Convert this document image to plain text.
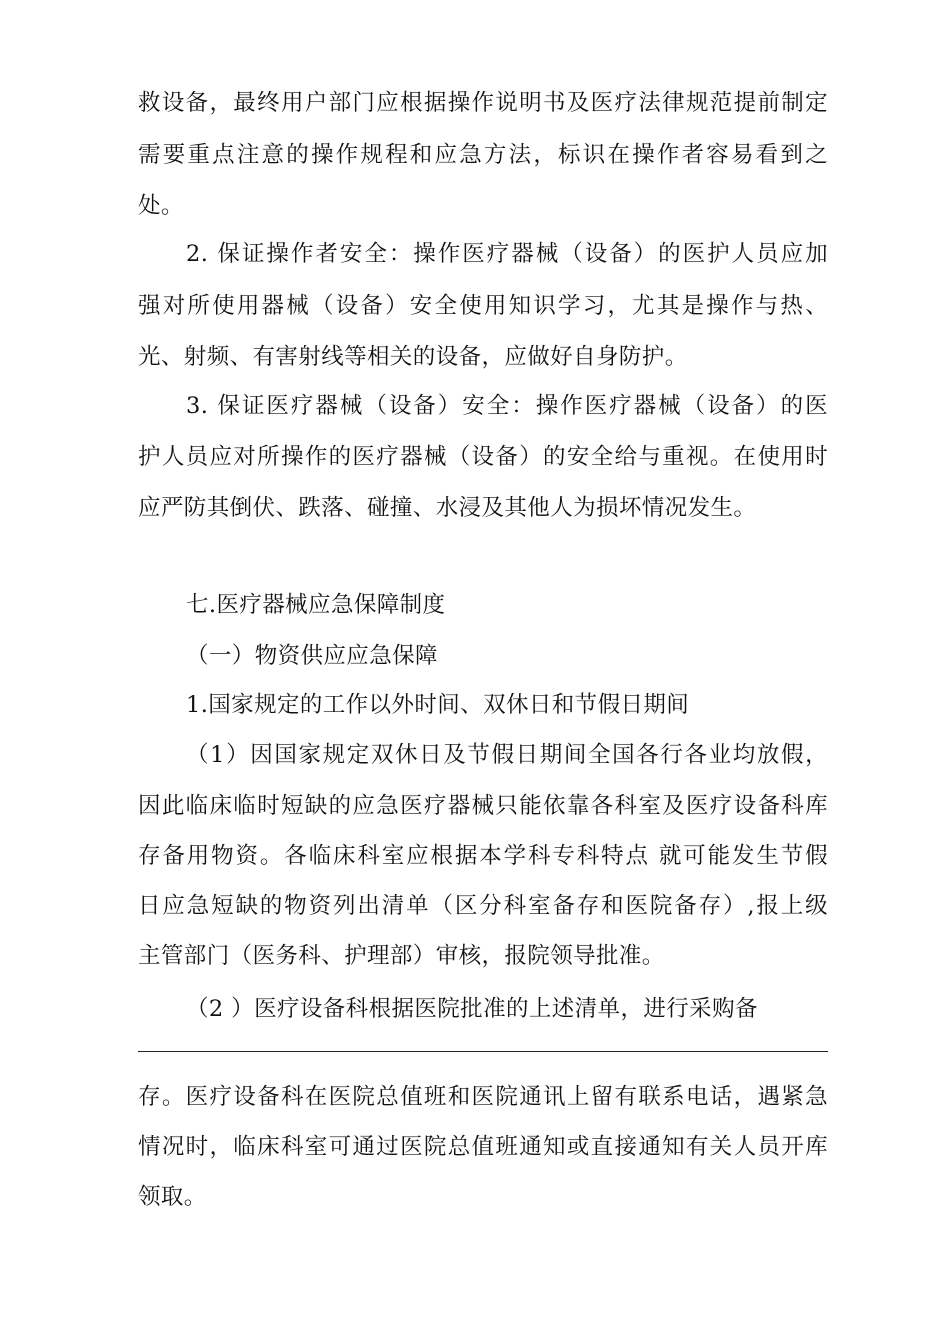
救设备，最终用户部门应根据操作说明书及医疗法律规范提前制定
需要重点注意的操作规程和应急方法，标识在操作者容易看到之
处。
2. 保证操作者安全：操作医疗器械（设备）的医护人员应加
强对所使用器械（设备）安全使用知识学习，尤其是操作与热、
光、射频、有害射线等相关的设备，应做好自身防护。
3. 保证医疗器械（设备）安全：操作医疗器械（设备）的医
护人员应对所操作的医疗器械（设备）的安全给与重视。在使用时
应严防其倒伏、跌落、碰撞、水浸及其他人为损坏情况发生。
七.医疗器械应急保障制度
（一）物资供应应急保障
1.国家规定的工作以外时间、双休日和节假日期间
（1）因国家规定双休日及节假日期间全国各行各业均放假，
因此临床临时短缺的应急医疗器械只能依靠各科室及医疗设备科库
存备用物资。各临床科室应根据本学科专科特点 就可能发生节假
日应急短缺的物资列出清单（区分科室备存和医院备存）,报上级
主管部门（医务科、护理部）审核，报院领导批准。
（2 ）医疗设备科根据医院批准的上述清单，进行采购备
存。医疗设备科在医院总值班和医院通讯上留有联系电话，遇紧急
情况时，临床科室可通过医院总值班通知或直接通知有关人员开库
领取。
